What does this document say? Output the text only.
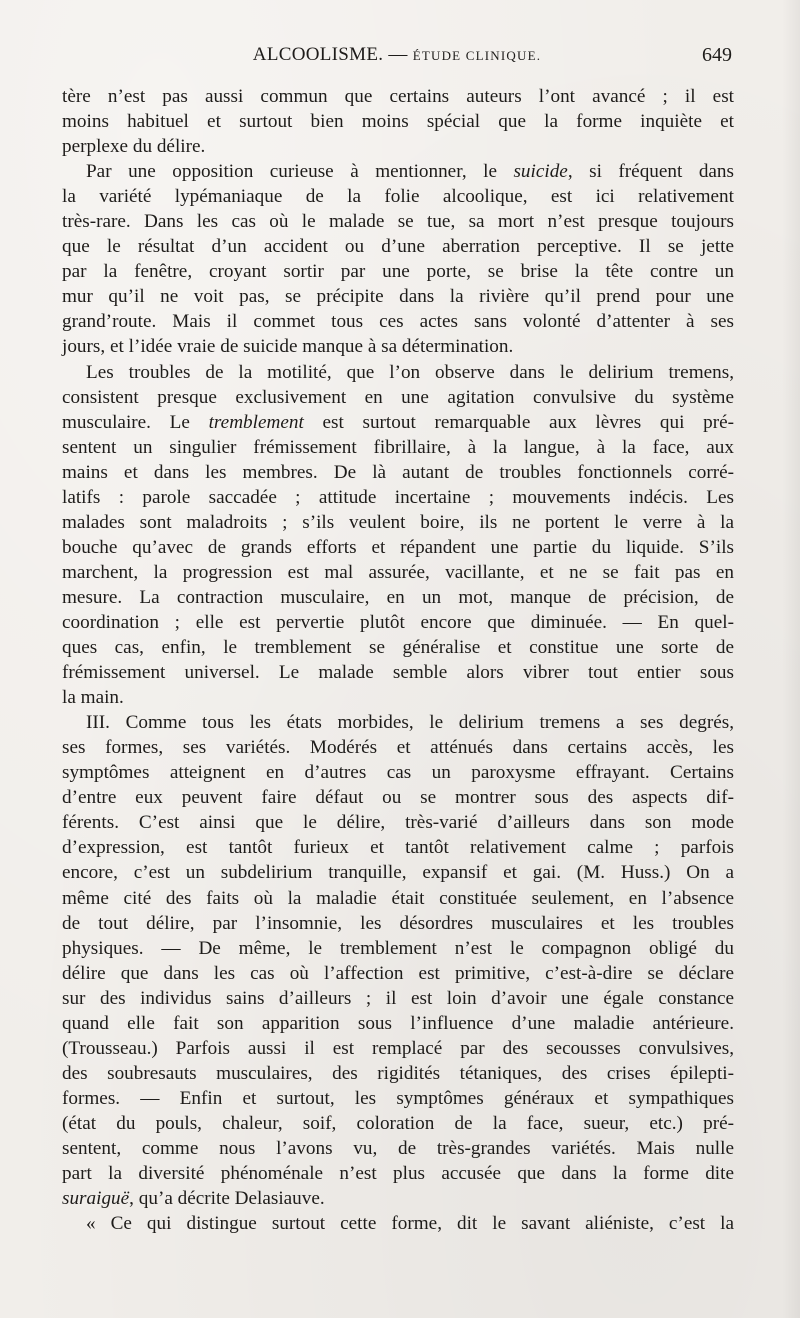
ALCOOLISME. — ÉTUDE CLINIQUE.	649
tère n’est pas aussi commun que certains auteurs l’ont avancé ; il est
moins habituel et surtout bien moins spécial que la forme inquiète et
perplexe du délire.
Par une opposition curieuse à mentionner, le suicide, si fréquent dans
la variété lypémaniaque de la folie alcoolique, est ici relativement
très-rare. Dans les cas où le malade se tue, sa mort n’est presque toujours
que le résultat d’un accident ou d’une aberration perceptive. Il se jette
par la fenêtre, croyant sortir par une porte, se brise la tête contre un
mur qu’il ne voit pas, se précipite dans la rivière qu’il prend pour une
grand’route. Mais il commet tous ces actes sans volonté d’attenter à ses
jours, et l’idée vraie de suicide manque à sa détermination.
Les troubles de la motilité, que l’on observe dans le delirium tremens,
consistent presque exclusivement en une agitation convulsive du système
musculaire. Le tremblement est surtout remarquable aux lèvres qui pré-
sentent un singulier frémissement fibrillaire, à la langue, à la face, aux
mains et dans les membres. De là autant de troubles fonctionnels corré-
latifs : parole saccadée ; attitude incertaine ; mouvements indécis. Les
malades sont maladroits ; s’ils veulent boire, ils ne portent le verre à la
bouche qu’avec de grands efforts et répandent une partie du liquide. S’ils
marchent, la progression est mal assurée, vacillante, et ne se fait pas en
mesure. La contraction musculaire, en un mot, manque de précision, de
coordination ; elle est pervertie plutôt encore que diminuée. — En quel-
ques cas, enfin, le tremblement se généralise et constitue une sorte de
frémissement universel. Le malade semble alors vibrer tout entier sous
la main.
III. Comme tous les états morbides, le delirium tremens a ses degrés,
ses formes, ses variétés. Modérés et atténués dans certains accès, les
symptômes atteignent en d’autres cas un paroxysme effrayant. Certains
d’entre eux peuvent faire défaut ou se montrer sous des aspects dif-
férents. C’est ainsi que le délire, très-varié d’ailleurs dans son mode
d’expression, est tantôt furieux et tantôt relativement calme ; parfois
encore, c’est un subdelirium tranquille, expansif et gai. (M. Huss.) On a
même cité des faits où la maladie était constituée seulement, en l’absence
de tout délire, par l’insomnie, les désordres musculaires et les troubles
physiques. — De même, le tremblement n’est le compagnon obligé du
délire que dans les cas où l’affection est primitive, c’est-à-dire se déclare
sur des individus sains d’ailleurs ; il est loin d’avoir une égale constance
quand elle fait son apparition sous l’influence d’une maladie antérieure.
(Trousseau.) Parfois aussi il est remplacé par des secousses convulsives,
des soubresauts musculaires, des rigidités tétaniques, des crises épilepti-
formes. — Enfin et surtout, les symptômes généraux et sympathiques
(état du pouls, chaleur, soif, coloration de la face, sueur, etc.) pré-
sentent, comme nous l’avons vu, de très-grandes variétés. Mais nulle
part la diversité phénoménale n’est plus accusée que dans la forme dite
suraiguë, qu’a décrite Delasiauve.
« Ce qui distingue surtout cette forme, dit le savant aliéniste, c’est la
